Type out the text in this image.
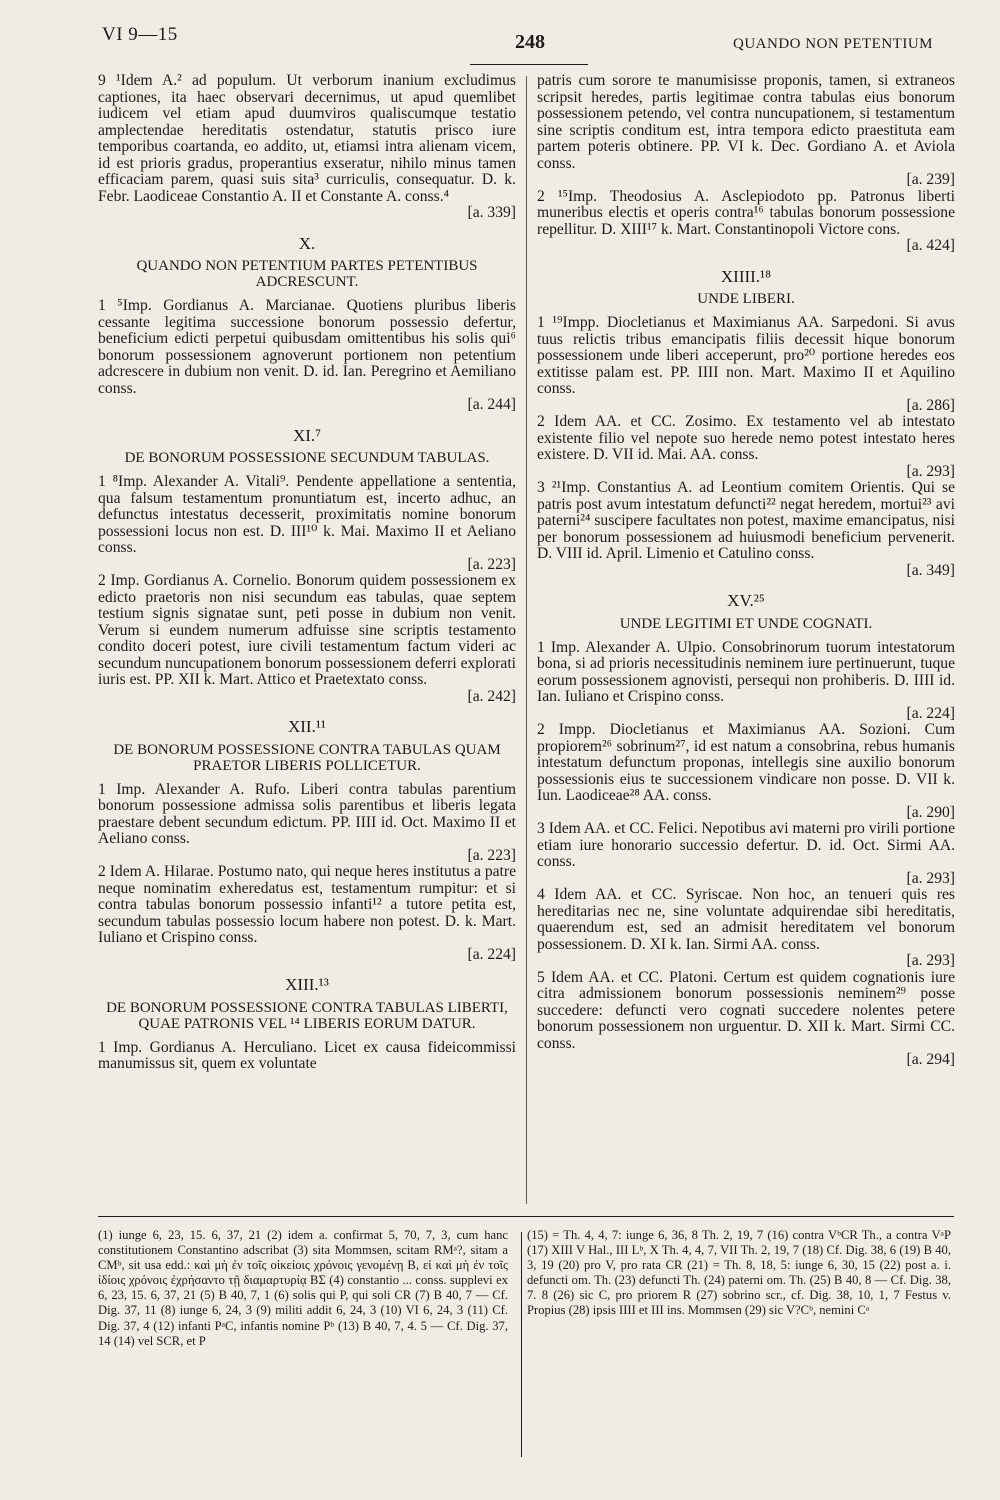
VI 9—15	248	QUANDO NON PETENTIUM

9 ¹Idem A.² ad populum. Ut verborum inanium excludimus captiones, ita haec observari decernimus, ut apud quemlibet iudicem vel etiam apud duumviros qualiscumque testatio amplectendae hereditatis ostendatur, statutis prisco iure temporibus coartanda, eo addito, ut, etiamsi intra alienam vicem, id est prioris gradus, properantius exseratur, nihilo minus tamen efficaciam parem, quasi suis sita³ curriculis, consequatur. D. k. Febr. Laodiceae Constantio A. II et Constante A. conss.⁴

[a. 339]

X.

QUANDO NON PETENTIUM PARTES PETENTIBUS ADCRESCUNT.

1 ⁵Imp. Gordianus A. Marcianae. Quotiens pluribus liberis cessante legitima successione bonorum possessio defertur, beneficium edicti perpetui quibusdam omittentibus his solis qui⁶ bonorum possessionem agnoverunt portionem non petentium adcrescere in dubium non venit. D. id. Ian. Peregrino et Aemiliano conss.

[a. 244]

XI.⁷

DE BONORUM POSSESSIONE SECUNDUM TABULAS.

1 ⁸Imp. Alexander A. Vitali⁹. Pendente appellatione a sententia, qua falsum testamentum pronuntiatum est, incerto adhuc, an defunctus intestatus decesserit, proximitatis nomine bonorum possessioni locus non est. D. III¹⁰ k. Mai. Maximo II et Aeliano conss.

[a. 223]

2 Imp. Gordianus A. Cornelio. Bonorum quidem possessionem ex edicto praetoris non nisi secundum eas tabulas, quae septem testium signis signatae sunt, peti posse in dubium non venit. Verum si eundem numerum adfuisse sine scriptis testamento condito doceri potest, iure civili testamentum factum videri ac secundum nuncupationem bonorum possessionem deferri explorati iuris est. PP. XII k. Mart. Attico et Praetextato conss.

[a. 242]

XII.¹¹

DE BONORUM POSSESSIONE CONTRA TABULAS QUAM PRAETOR LIBERIS POLLICETUR.

1 Imp. Alexander A. Rufo. Liberi contra tabulas parentium bonorum possessione admissa solis parentibus et liberis legata praestare debent secundum edictum. PP. IIII id. Oct. Maximo II et Aeliano conss.

[a. 223]

2 Idem A. Hilarae. Postumo nato, qui neque heres institutus a patre neque nominatim exheredatus est, testamentum rumpitur: et si contra tabulas bonorum possessio infanti¹² a tutore petita est, secundum tabulas possessio locum habere non potest. D. k. Mart. Iuliano et Crispino conss.

[a. 224]

XIII.¹³

DE BONORUM POSSESSIONE CONTRA TABULAS LIBERTI, QUAE PATRONIS VEL ¹⁴ LIBERIS EORUM DATUR.

1 Imp. Gordianus A. Herculiano. Licet ex causa fideicommissi manumissus sit, quem ex voluntate

patris cum sorore te manumisisse proponis, tamen, si extraneos scripsit heredes, partis legitimae contra tabulas eius bonorum possessionem petendo, vel contra nuncupationem, si testamentum sine scriptis conditum est, intra tempora edicto praestituta eam partem poteris obtinere. PP. VI k. Dec. Gordiano A. et Aviola conss.

[a. 239]

2 ¹⁵Imp. Theodosius A. Asclepiodoto pp. Patronus liberti muneribus electis et operis contra¹⁶ tabulas bonorum possessione repellitur. D. XIII¹⁷ k. Mart. Constantinopoli Victore cons.

[a. 424]

XIIII.¹⁸

UNDE LIBERI.

1 ¹⁹Impp. Diocletianus et Maximianus AA. Sarpedoni. Si avus tuus relictis tribus emancipatis filiis decessit hique bonorum possessionem unde liberi acceperunt, pro²⁰ portione heredes eos extitisse palam est. PP. IIII non. Mart. Maximo II et Aquilino conss.

[a. 286]

2 Idem AA. et CC. Zosimo. Ex testamento vel ab intestato existente filio vel nepote suo herede nemo potest intestato heres existere. D. VII id. Mai. AA. conss.

[a. 293]

3 ²¹Imp. Constantius A. ad Leontium comitem Orientis. Qui se patris post avum intestatum defuncti²² negat heredem, mortui²³ avi paterni²⁴ suscipere facultates non potest, maxime emancipatus, nisi per bonorum possessionem ad huiusmodi beneficium pervenerit. D. VIII id. April. Limenio et Catulino conss.

[a. 349]

XV.²⁵

UNDE LEGITIMI ET UNDE COGNATI.

1 Imp. Alexander A. Ulpio. Consobrinorum tuorum intestatorum bona, si ad prioris necessitudinis neminem iure pertinuerunt, tuque eorum possessionem agnovisti, persequi non prohiberis. D. IIII id. Ian. Iuliano et Crispino conss.

[a. 224]

2 Impp. Diocletianus et Maximianus AA. Sozioni. Cum propiorem²⁶ sobrinum²⁷, id est natum a consobrina, rebus humanis intestatum defunctum proponas, intellegis sine auxilio bonorum possessionis eius te successionem vindicare non posse. D. VII k. Iun. Laodiceae²⁸ AA. conss.

[a. 290]

3 Idem AA. et CC. Felici. Nepotibus avi materni pro virili portione etiam iure honorario successio defertur. D. id. Oct. Sirmi AA. conss.

[a. 293]

4 Idem AA. et CC. Syriscae. Non hoc, an tenueri quis res hereditarias nec ne, sine voluntate adquirendae sibi hereditatis, quaerendum est, sed an admisit hereditatem vel bonorum possessionem. D. XI k. Ian. Sirmi AA. conss.

[a. 293]

5 Idem AA. et CC. Platoni. Certum est quidem cognationis iure citra admissionem bonorum possessionis neminem²⁹ posse succedere: defuncti vero cognati succedere nolentes petere bonorum possessionem non urguentur. D. XII k. Mart. Sirmi CC. conss.

[a. 294]

(1) iunge 6, 23, 15. 6, 37, 21 (2) idem a. confirmat 5, 70, 7, 3, cum hanc constitutionem Constantino adscribat (3) sita Mommsen, scitam RMᵃ?, sitam a CMᵇ, sit usa edd.: καὶ μὴ ἐν τοῖς οἰκείοις χρόνοις γενομένῃ B, εἰ καὶ μὴ ἐν τοῖς ἰδίοις χρόνοις ἐχρήσαντο τῇ διαμαρτυρίᾳ BΣ (4) constantio ... conss. supplevi ex 6, 23, 15. 6, 37, 21 (5) B 40, 7, 1 (6) solis qui P, qui soli CR (7) B 40, 7 — Cf. Dig. 37, 11 (8) iunge 6, 24, 3 (9) militi addit 6, 24, 3 (10) VI 6, 24, 3 (11) Cf. Dig. 37, 4 (12) infanti PᵃC, infantis nomine Pᵇ (13) B 40, 7, 4. 5 — Cf. Dig. 37, 14 (14) vel SCR, et P

(15) = Th. 4, 4, 7: iunge 6, 36, 8 Th. 2, 19, 7 (16) contra VᵇCR Th., a contra VᵃP (17) XIII V Hal., III Lᵇ, X Th. 4, 4, 7, VII Th. 2, 19, 7 (18) Cf. Dig. 38, 6 (19) B 40, 3, 19 (20) pro V, pro rata CR (21) = Th. 8, 18, 5: iunge 6, 30, 15 (22) post a. i. defuncti om. Th. (23) defuncti Th. (24) paterni om. Th. (25) B 40, 8 — Cf. Dig. 38, 7. 8 (26) sic C, pro priorem R (27) sobrino scr., cf. Dig. 38, 10, 1, 7 Festus v. Propius (28) ipsis IIII et III ins. Mommsen (29) sic V?Cᵇ, nemini Cᵃ
